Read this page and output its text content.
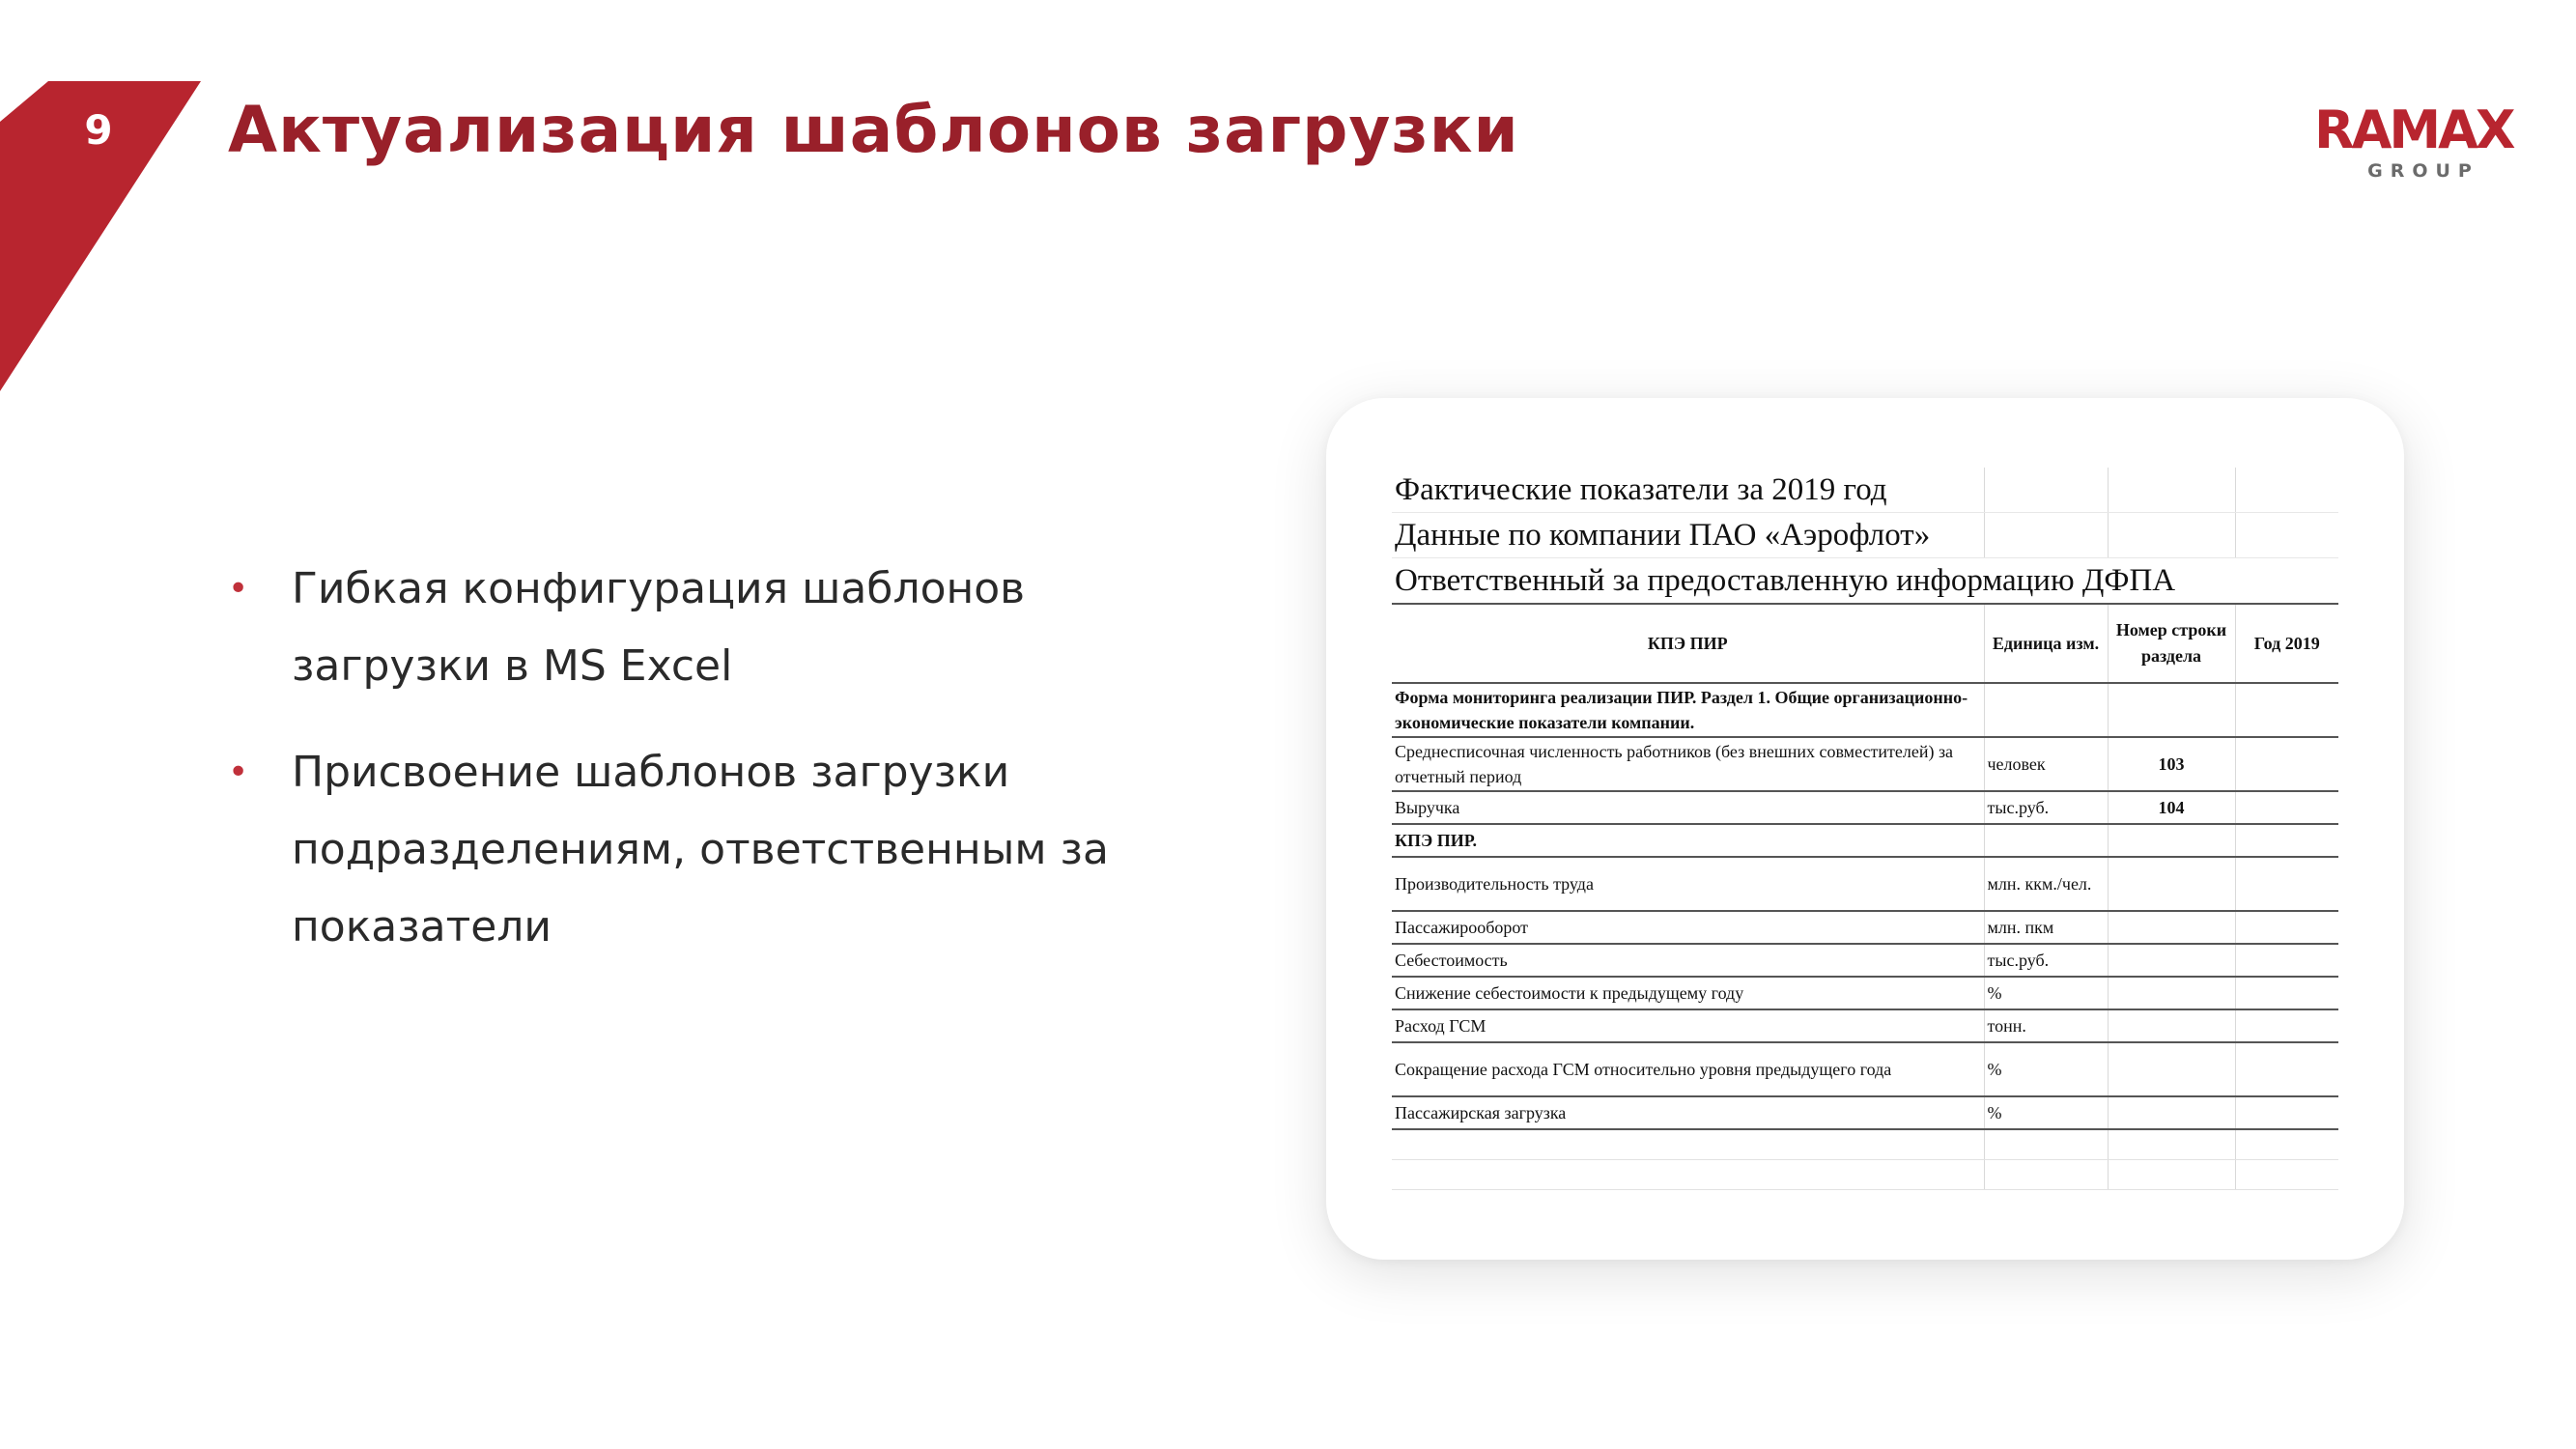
9	Актуализация шаблонов загрузки	RAMAX
GROUP
• Гибкая конфигурация шаблонов загрузки в MS Excel
• Присвоение шаблонов загрузки подразделениям, ответственным за показатели
Фактические показатели за 2019 год			
Данные по компании ПАО «Аэрофлот»			
Ответственный за предоставленную информацию ДФПА			
КПЭ ПИР	Единица изм.	Номер строки раздела	Год 2019
Форма мониторинга реализации ПИР. Раздел 1. Общие организационно-экономические показатели компании.			
Среднесписочная численность работников (без внешних совместителей) за отчетный период	человек	103	
Выручка	тыс.руб.	104	
КПЭ ПИР.			
Производительность труда	млн. ккм./чел.		
Пассажирооборот	млн. пкм		
Себестоимость	тыс.руб.		
Снижение себестоимости к предыдущему году	%		
Расход ГСМ	тонн.		
Сокращение расхода ГСМ относительно уровня предыдущего года	%		
Пассажирская загрузка	%		
